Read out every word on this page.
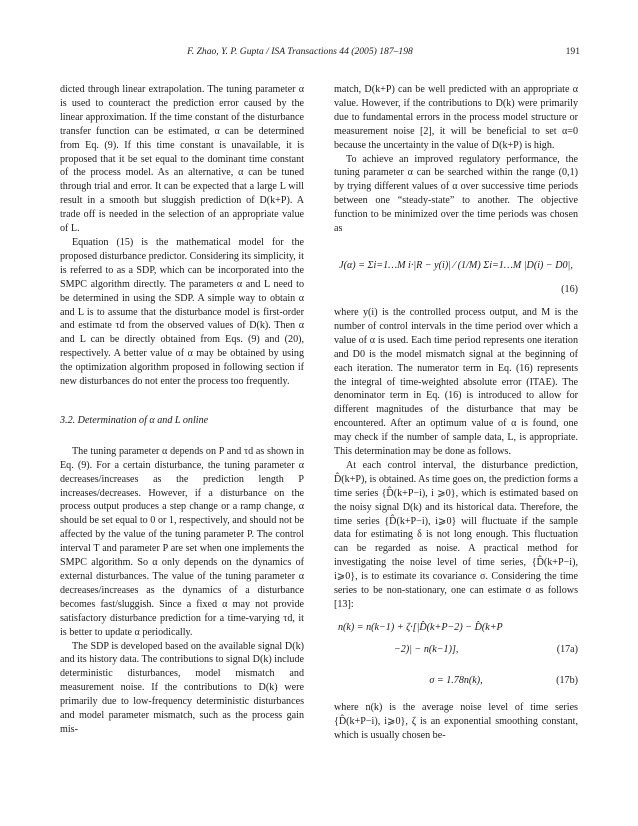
F. Zhao, Y. P. Gupta / ISA Transactions 44 (2005) 187–198	191

dicted through linear extrapolation. The tuning parameter α is used to counteract the prediction error caused by the linear approximation. If the time constant of the disturbance transfer function can be estimated, α can be determined from Eq. (9). If this time constant is unavailable, it is proposed that it be set equal to the dominant time constant of the process model. As an alternative, α can be tuned through trial and error. It can be expected that a large L will result in a smooth but sluggish prediction of D(k+P). A trade off is needed in the selection of an appropriate value of L.

Equation (15) is the mathematical model for the proposed disturbance predictor. Considering its simplicity, it is referred to as a SDP, which can be incorporated into the SMPC algorithm directly. The parameters α and L need to be determined in using the SDP. A simple way to obtain α and L is to assume that the disturbance model is first-order and estimate τd from the observed values of D(k). Then α and L can be directly obtained from Eqs. (9) and (20), respectively. A better value of α may be obtained by using the optimization algorithm proposed in following section if new disturbances do not enter the process too frequently.

3.2. Determination of α and L online

The tuning parameter α depends on P and τd as shown in Eq. (9). For a certain disturbance, the tuning parameter α decreases/increases as the prediction length P increases/decreases. However, if a disturbance on the process output produces a step change or a ramp change, α should be set equal to 0 or 1, respectively, and should not be affected by the value of the tuning parameter P. The control interval T and parameter P are set when one implements the SMPC algorithm. So α only depends on the dynamics of external disturbances. The value of the tuning parameter α decreases/increases as the dynamics of a disturbance becomes fast/sluggish. Since a fixed α may not provide satisfactory disturbance prediction for a time-varying τd, it is better to update α periodically.

The SDP is developed based on the available signal D(k) and its history data. The contributions to signal D(k) include deterministic disturbances, model mismatch and measurement noise. If the contributions to D(k) were primarily due to low-frequency deterministic disturbances and model parameter mismatch, such as the process gain mis-

match, D(k+P) can be well predicted with an appropriate α value. However, if the contributions to D(k) were primarily due to fundamental errors in the process model structure or measurement noise [2], it will be beneficial to set α=0 because the uncertainty in the value of D(k+P) is high.

To achieve an improved regulatory performance, the tuning parameter α can be searched within the range (0,1) by trying different values of α over successive time periods between one “steady-state” to another. The objective function to be minimized over the time periods was chosen as

J(α) = Σi=1…M i·|R − y(i)| ⁄ (1/M) Σi=1…M |D(i) − D0|,
(16)

where y(i) is the controlled process output, and M is the number of control intervals in the time period over which a value of α is used. Each time period represents one iteration and D0 is the model mismatch signal at the beginning of each iteration. The numerator term in Eq. (16) represents the integral of time-weighted absolute error (ITAE). The denominator term in Eq. (16) is introduced to allow for different magnitudes of the disturbance that may be encountered. After an optimum value of α is found, one may check if the number of sample data, L, is appropriate. This determination may be done as follows.

At each control interval, the disturbance prediction, D̂(k+P), is obtained. As time goes on, the prediction forms a time series {D̂(k+P−i), i ⩾0}, which is estimated based on the noisy signal D(k) and its historical data. Therefore, the time series {D̂(k+P−i), i⩾0} will fluctuate if the sample data for estimating δ is not long enough. This fluctuation can be regarded as noise. A practical method for investigating the noise level of time series, {D̂(k+P−i), i⩾0}, is to estimate its covariance σ. Considering the time series to be non-stationary, one can estimate σ as follows [13]:

n(k) = n(k−1) + ζ·[|D̂(k+P−2) − D̂(k+P
−2)| − n(k−1)],	(17a)
σ = 1.78n(k),	(17b)

where n(k) is the average noise level of time series {D̂(k+P−i), i⩾0}, ζ is an exponential smoothing constant, which is usually chosen be-
